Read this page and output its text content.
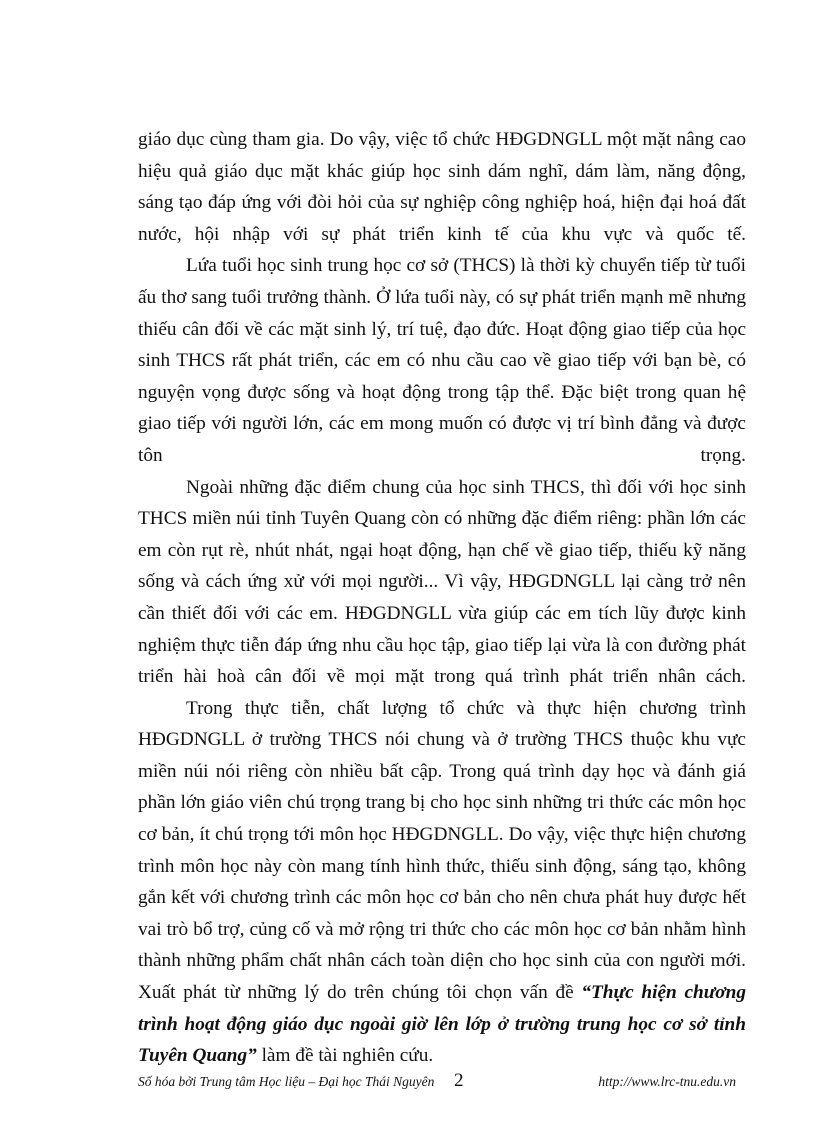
giáo dục cùng tham gia. Do vậy, việc tổ chức HĐGDNGLL một mặt nâng cao hiệu quả giáo dục mặt khác giúp học sinh dám nghĩ, dám làm, năng động, sáng tạo đáp ứng với đòi hỏi của sự nghiệp công nghiệp hoá, hiện đại hoá đất nước, hội nhập với sự phát triển kinh tế của khu vực và quốc tế.

Lứa tuổi học sinh trung học cơ sở (THCS) là thời kỳ chuyển tiếp từ tuổi ấu thơ sang tuổi trưởng thành. Ở lứa tuổi này, có sự phát triển mạnh mẽ nhưng thiếu cân đối về các mặt sinh lý, trí tuệ, đạo đức. Hoạt động giao tiếp của học sinh THCS rất phát triển, các em có nhu cầu cao về giao tiếp với bạn bè, có nguyện vọng được sống và hoạt động trong tập thể. Đặc biệt trong quan hệ giao tiếp với người lớn, các em mong muốn có được vị trí bình đẳng và được tôn trọng.

Ngoài những đặc điểm chung của học sinh THCS, thì đối với học sinh THCS miền núi tỉnh Tuyên Quang còn có những đặc điểm riêng: phần lớn các em còn rụt rè, nhút nhát, ngại hoạt động, hạn chế về giao tiếp, thiếu kỹ năng sống và cách ứng xử với mọi người... Vì vậy, HĐGDNGLL lại càng trở nên cần thiết đối với các em. HĐGDNGLL vừa giúp các em tích lũy được kinh nghiệm thực tiễn đáp ứng nhu cầu học tập, giao tiếp lại vừa là con đường phát triển hài hoà cân đối về mọi mặt trong quá trình phát triển nhân cách.

Trong thực tiễn, chất lượng tổ chức và thực hiện chương trình HĐGDNGLL ở trường THCS nói chung và ở trường THCS thuộc khu vực miền núi nói riêng còn nhiều bất cập. Trong quá trình dạy học và đánh giá phần lớn giáo viên chú trọng trang bị cho học sinh những tri thức các môn học cơ bản, ít chú trọng tới môn học HĐGDNGLL. Do vậy, việc thực hiện chương trình môn học này còn mang tính hình thức, thiếu sinh động, sáng tạo, không gắn kết với chương trình các môn học cơ bản cho nên chưa phát huy được hết vai trò bổ trợ, củng cố và mở rộng tri thức cho các môn học cơ bản nhằm hình thành những phẩm chất nhân cách toàn diện cho học sinh của con người mới. Xuất phát từ những lý do trên chúng tôi chọn vấn đề “Thực hiện chương trình hoạt động giáo dục ngoài giờ lên lớp ở trường trung học cơ sở tỉnh Tuyên Quang” làm đề tài nghiên cứu.

Số hóa bởi Trung tâm Học liệu – Đại học Thái Nguyên 2	http://www.lrc-tnu.edu.vn
